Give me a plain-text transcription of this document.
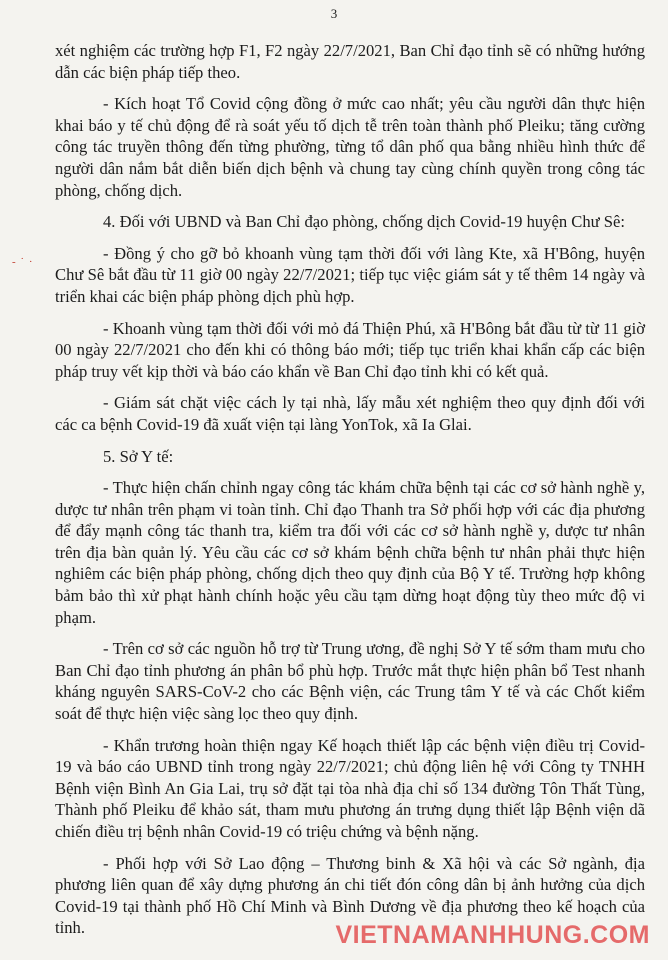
3
- ˙ ·

xét nghiệm các trường hợp F1, F2 ngày 22/7/2021, Ban Chỉ đạo tỉnh sẽ có những hướng dẫn các biện pháp tiếp theo.

- Kích hoạt Tổ Covid cộng đồng ở mức cao nhất; yêu cầu người dân thực hiện khai báo y tế chủ động để rà soát yếu tố dịch tễ trên toàn thành phố Pleiku; tăng cường công tác truyền thông đến từng phường, từng tổ dân phố qua bằng nhiều hình thức để người dân nắm bắt diễn biến dịch bệnh và chung tay cùng chính quyền trong công tác phòng, chống dịch.

4. Đối với UBND và Ban Chỉ đạo phòng, chống dịch Covid-19 huyện Chư Sê:

- Đồng ý cho gỡ bỏ khoanh vùng tạm thời đối với làng Kte, xã H'Bông, huyện Chư Sê bắt đầu từ 11 giờ 00 ngày 22/7/2021; tiếp tục việc giám sát y tế thêm 14 ngày và triển khai các biện pháp phòng dịch phù hợp.

- Khoanh vùng tạm thời đối với mỏ đá Thiện Phú, xã H'Bông bắt đầu từ từ 11 giờ 00 ngày 22/7/2021 cho đến khi có thông báo mới; tiếp tục triển khai khẩn cấp các biện pháp truy vết kịp thời và báo cáo khẩn về Ban Chỉ đạo tỉnh khi có kết quả.

- Giám sát chặt việc cách ly tại nhà, lấy mẫu xét nghiệm theo quy định đối với các ca bệnh Covid-19 đã xuất viện tại làng YonTok, xã Ia Glai.

5. Sở Y tế:

- Thực hiện chấn chỉnh ngay công tác khám chữa bệnh tại các cơ sở hành nghề y, dược tư nhân trên phạm vi toàn tỉnh. Chỉ đạo Thanh tra Sở phối hợp với các địa phương để đẩy mạnh công tác thanh tra, kiểm tra đối với các cơ sở hành nghề y, dược tư nhân trên địa bàn quản lý. Yêu cầu các cơ sở khám bệnh chữa bệnh tư nhân phải thực hiện nghiêm các biện pháp phòng, chống dịch theo quy định của Bộ Y tế. Trường hợp không bảm bảo thì xử phạt hành chính hoặc yêu cầu tạm dừng hoạt động tùy theo mức độ vi phạm.

- Trên cơ sở các nguồn hỗ trợ từ Trung ương, đề nghị Sở Y tế sớm tham mưu cho Ban Chỉ đạo tỉnh phương án phân bổ phù hợp. Trước mắt thực hiện phân bổ Test nhanh kháng nguyên SARS-CoV-2 cho các Bệnh viện, các Trung tâm Y tế và các Chốt kiểm soát để thực hiện việc sàng lọc theo quy định.

- Khẩn trương hoàn thiện ngay Kế hoạch thiết lập các bệnh viện điều trị Covid-19 và báo cáo UBND tỉnh trong ngày 22/7/2021; chủ động liên hệ với Công ty TNHH Bệnh viện Bình An Gia Lai, trụ sở đặt tại tòa nhà địa chỉ số 134 đường Tôn Thất Tùng, Thành phố Pleiku để khảo sát, tham mưu phương án trưng dụng thiết lập Bệnh viện dã chiến điều trị bệnh nhân Covid-19 có triệu chứng và bệnh nặng.

- Phối hợp với Sở Lao động – Thương binh & Xã hội và các Sở ngành, địa phương liên quan để xây dựng phương án chi tiết đón công dân bị ảnh hưởng của dịch Covid-19 tại thành phố Hồ Chí Minh và Bình Dương về địa phương theo kế hoạch của tỉnh.	VIETNAMANHHUNG.COM
